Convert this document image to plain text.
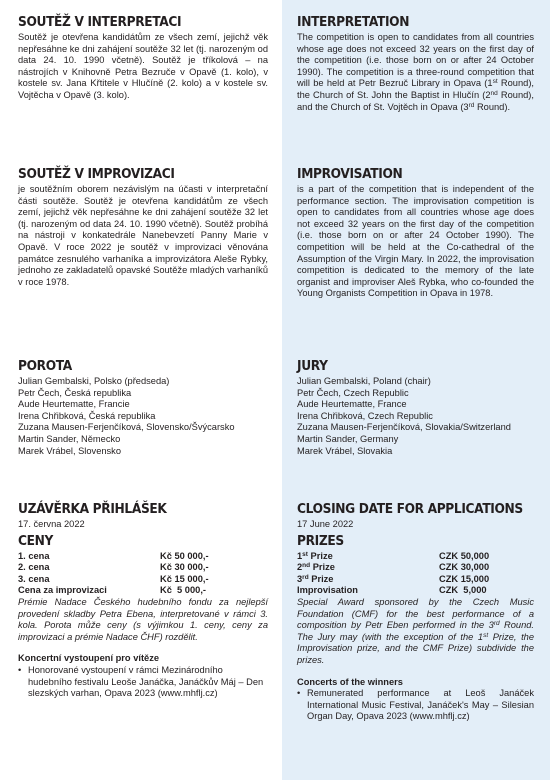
SOUTĚŽ V INTERPRETACI

Soutěž je otevřena kandidátům ze všech zemí, jejichž věk nepřesáhne ke dni zahájení soutěže 32 let (tj. narozeným od data 24. 10. 1990 včetně). Soutěž je tříkolová – na nástrojích v Knihovně Petra Bezruče v Opavě (1. kolo), v kostele sv. Jana Křtitele v Hlučíně (2. kolo) a v kostele sv. Vojtěcha v Opavě (3. kolo).

SOUTĚŽ V IMPROVIZACI

je soutěžním oborem nezávislým na účasti v interpretační části soutěže. Soutěž je otevřena kandidátům ze všech zemí, jejichž věk nepřesáhne ke dni zahájení soutěže 32 let (tj. narozeným od data 24. 10. 1990 včetně). Soutěž probíhá na nástroji v konkatedrále Nanebevzetí Panny Marie v Opavě. V roce 2022 je soutěž v improvizaci věnována památce zesnulého varhaníka a improvizátora Aleše Rybky, jednoho ze zakladatelů opavské Soutěže mladých varhaníků v roce 1978.

POROTA

Julian Gembalski, Polsko (předseda)

Petr Čech, Česká republika

Aude Heurtematte, Francie

Irena Chřibková, Česká republika

Zuzana Mausen-Ferjenčíková, Slovensko/Švýcarsko

Martin Sander, Německo

Marek Vrábel, Slovensko

UZÁVĚRKA PŘIHLÁŠEK

17. června 2022

CENY
1. cena	Kč 50 000,-
2. cena	Kč 30 000,-
3. cena	Kč 15 000,-
Cena za improvizaci	Kč  5 000,-

Prémie Nadace Českého hudebního fondu za nejlepší provedení skladby Petra Ebena, interpretované v rámci 3. kola. Porota může ceny (s výjimkou 1. ceny, ceny za improvizaci a prémie Nadace ČHF) rozdělit.

Koncertní vystoupení pro vítěze

• Honorované vystoupení v rámci Mezinárodního hudebního festivalu Leoše Janáčka, Janáčkův Máj – Den slezských varhan, Opava 2023 (www.mhflj.cz)
INTERPRETATION

The competition is open to candidates from all countries whose age does not exceed 32 years on the first day of the competition (i.e. those born on or after 24 October 1990). The competition is a three-round competition that will be held at Petr Bezruč Library in Opava (1st Round), the Church of St. John the Baptist in Hlučín (2nd Round), and the Church of St. Vojtěch in Opava (3rd Round).

IMPROVISATION

is a part of the competition that is independent of the performance section. The improvisation competition is open to candidates from all countries whose age does not exceed 32 years on the first day of the competition (i.e. those born on or after 24 October 1990). The competition will be held at the Co-cathedral of the Assumption of the Virgin Mary. In 2022, the improvisation competition is dedicated to the memory of the late organist and improviser Aleš Rybka, who co-founded the Young Organists Competition in Opava in 1978.

JURY

Julian Gembalski, Poland (chair)

Petr Čech, Czech Republic

Aude Heurtematte, France

Irena Chřibková, Czech Republic

Zuzana Mausen-Ferjenčíková, Slovakia/Switzerland

Martin Sander, Germany

Marek Vrábel, Slovakia

CLOSING DATE FOR APPLICATIONS

17 June 2022

PRIZES
1st Prize	CZK 50,000
2nd Prize	CZK 30,000
3rd Prize	CZK 15,000
Improvisation	CZK  5,000

Special Award sponsored by the Czech Music Foundation (CMF) for the best performance of a composition by Petr Eben performed in the 3rd Round. The Jury may (with the exception of the 1st Prize, the Improvisation prize, and the CMF Prize) subdivide the prizes.

Concerts of the winners

• Remunerated performance at Leoš Janáček International Music Festival, Janáček's May – Silesian Organ Day, Opava 2023 (www.mhflj.cz)
